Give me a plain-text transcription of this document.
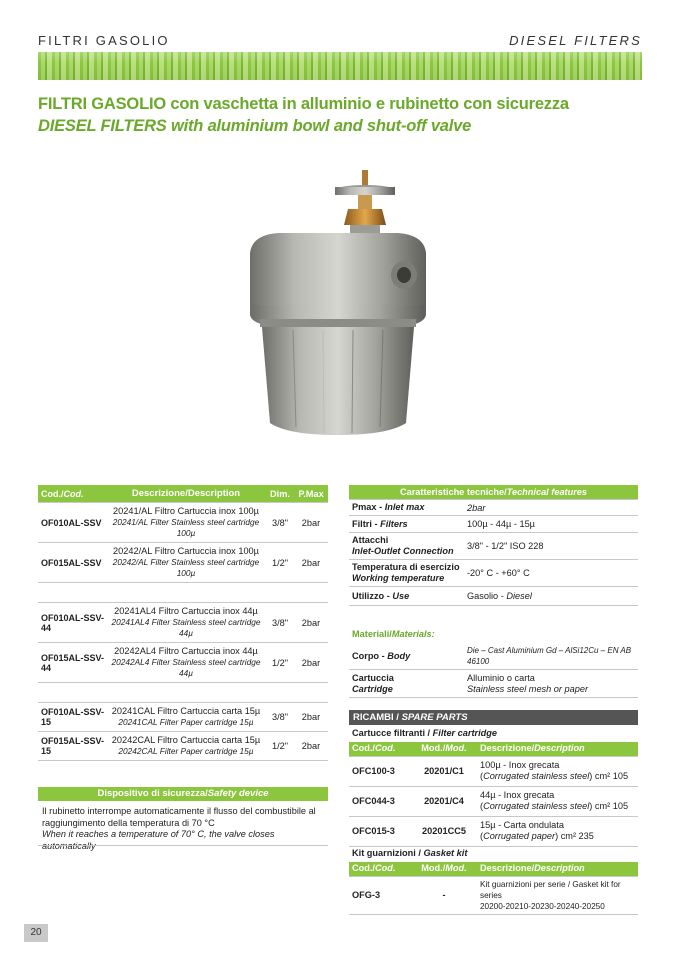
FILTRI GASOLIO	DIESEL FILTERS
FILTRI GASOLIO con vaschetta in alluminio e rubinetto con sicurezza
DIESEL FILTERS with aluminium bowl and shut-off valve
Cod./Cod.	Descrizione/Description	Dim.	P.Max
OF010AL-SSV	20241/AL Filtro Cartuccia inox 100µ
20241/AL Filter Stainless steel cartridge 100µ	3/8"	2bar
OF015AL-SSV	20242/AL Filtro Cartuccia inox 100µ
20242/AL Filter Stainless steel cartridge 100µ	1/2"	2bar

OF010AL-SSV-44	20241AL4 Filtro Cartuccia inox 44µ
20241AL4 Filter Stainless steel cartridge 44µ	3/8"	2bar
OF015AL-SSV-44	20242AL4 Filtro Cartuccia inox 44µ
20242AL4 Filter Stainless steel cartridge 44µ	1/2"	2bar

OF010AL-SSV-15	20241CAL Filtro Cartuccia carta 15µ
20241CAL Filter Paper cartridge 15µ	3/8"	2bar
OF015AL-SSV-15	20242CAL Filtro Cartuccia carta 15µ
20242CAL Filter Paper cartridge 15µ	1/2"	2bar
Dispositivo di sicurezza/Safety device
Il rubinetto interrompe automaticamente il flusso del combustibile al raggiungimento della temperatura di 70 °C
When it reaches a temperature of 70° C, the valve closes
Caratteristiche tecniche/Technical features	
Pmax - Inlet max	2bar
Filtri - Filters	100µ - 44µ - 15µ
Attacchi
Inlet-Outlet Connection	3/8" - 1/2" ISO 228
Temperatura di esercizio
Working temperature	-20° C - +60° C
Utilizzo - Use	Gasolio - Diesel
Materiali/Materials:
Corpo - Body	Die – Cast Aluminium Gd – AlSi12Cu – EN AB 46100
Cartuccia
Cartridge	Alluminio o carta
Stainless steel mesh or paper
RICAMBI / SPARE PARTS
Cartucce filtranti / Filter cartridge
Cod./Cod.	Mod./Mod.	Descrizione/Description
OFC100-3	20201/C1	100µ - Inox grecata
(Corrugated stainless steel) cm² 105
OFC044-3	20201/C4	44µ - Inox grecata
(Corrugated stainless steel) cm² 105
OFC015-3	20201CC5	15µ - Carta ondulata
(Corrugated paper) cm² 235
Kit guarnizioni / Gasket kit
Cod./Cod.	Mod./Mod.	Descrizione/Description
OFG-3	-	Kit guarnizioni per serie / Gasket kit for series
20200-20210-20230-20240-20250
20
